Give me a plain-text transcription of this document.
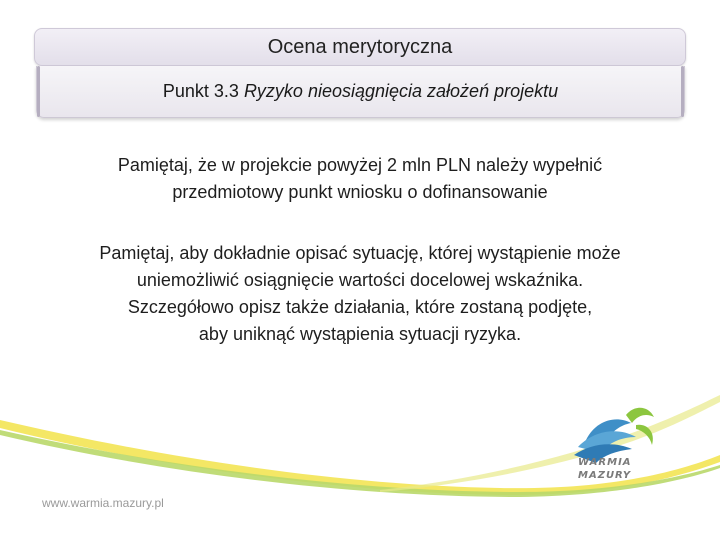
Ocena merytoryczna
Punkt 3.3 Ryzyko nieosiągnięcia założeń projektu

Pamiętaj, że w projekcie powyżej 2 mln PLN należy wypełnić

przedmiotowy punkt wniosku o dofinansowanie

Pamiętaj, aby dokładnie opisać sytuację, której wystąpienie może

uniemożliwić osiągnięcie wartości docelowej wskaźnika.

Szczegółowo opisz także działania, które zostaną podjęte,

aby uniknąć wystąpienia sytuacji ryzyka.

WARMIA
MAZURY
www.warmia.mazury.pl
